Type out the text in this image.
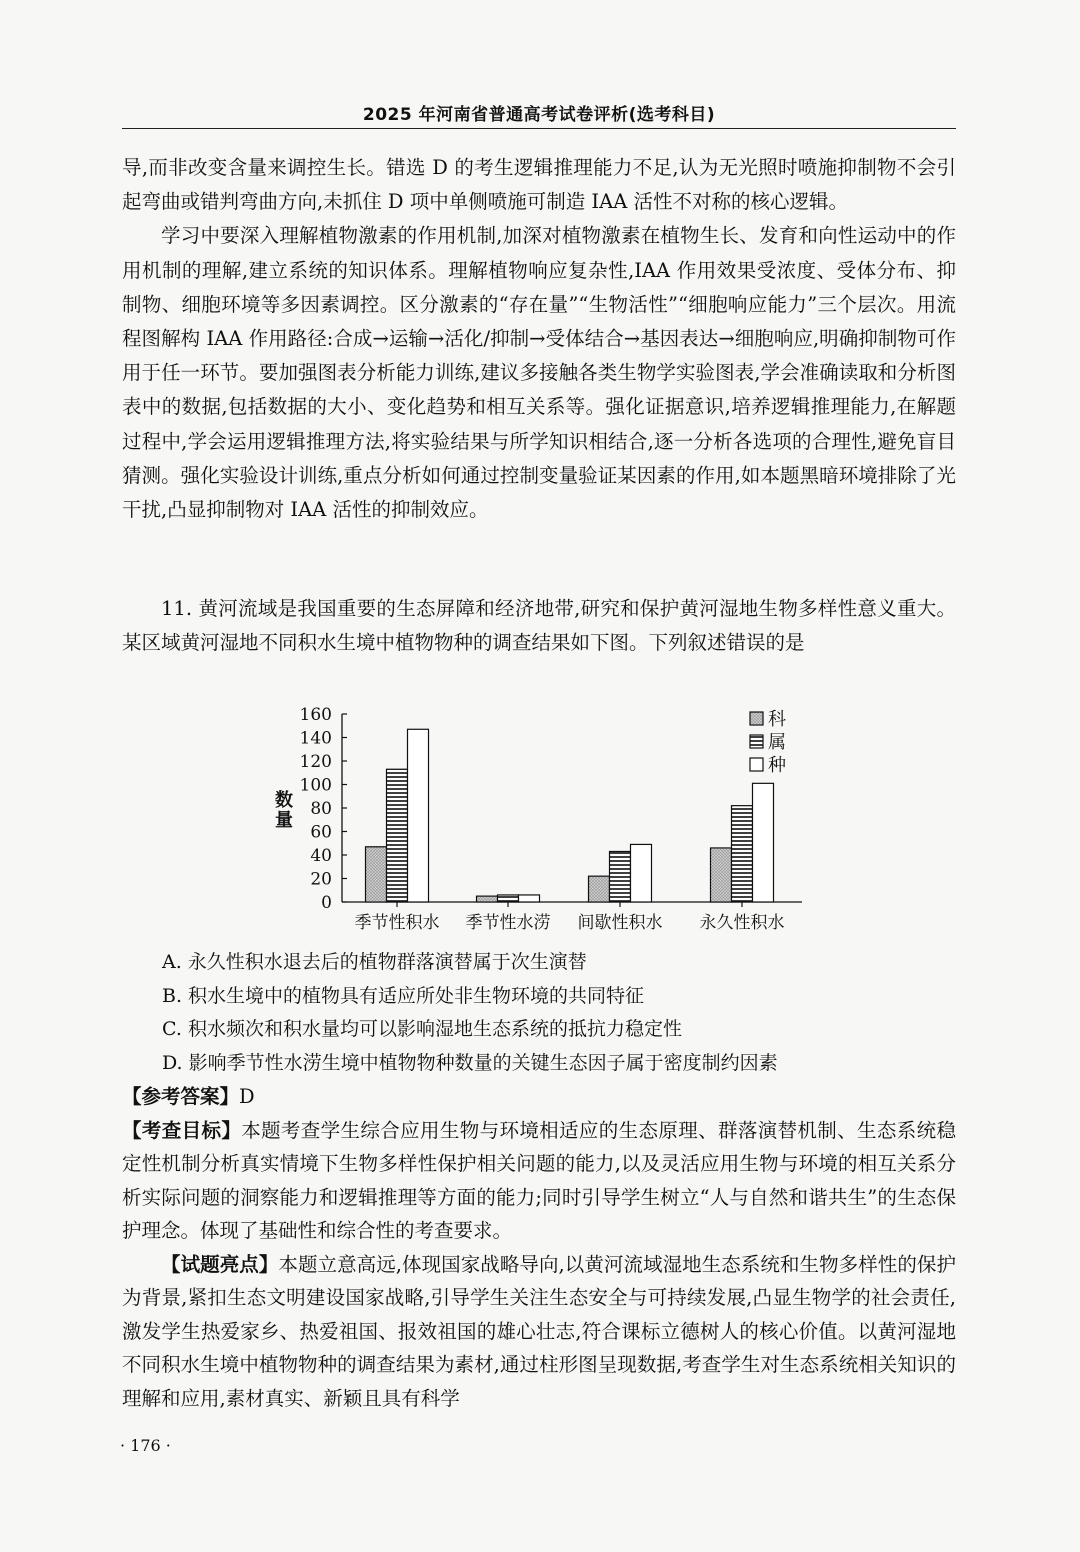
2025 年河南省普通高考试卷评析(选考科目)

导,而非改变含量来调控生长。错选 D 的考生逻辑推理能力不足,认为无光照时喷施抑制物不会引起弯曲或错判弯曲方向,未抓住 D 项中单侧喷施可制造 IAA 活性不对称的核心逻辑。

学习中要深入理解植物激素的作用机制,加深对植物激素在植物生长、发育和向性运动中的作用机制的理解,建立系统的知识体系。理解植物响应复杂性,IAA 作用效果受浓度、受体分布、抑制物、细胞环境等多因素调控。区分激素的“存在量”“生物活性”“细胞响应能力”三个层次。用流程图解构 IAA 作用路径:合成→运输→活化/抑制→受体结合→基因表达→细胞响应,明确抑制物可作用于任一环节。要加强图表分析能力训练,建议多接触各类生物学实验图表,学会准确读取和分析图表中的数据,包括数据的大小、变化趋势和相互关系等。强化证据意识,培养逻辑推理能力,在解题过程中,学会运用逻辑推理方法,将实验结果与所学知识相结合,逐一分析各选项的合理性,避免盲目猜测。强化实验设计训练,重点分析如何通过控制变量验证某因素的作用,如本题黑暗环境排除了光干扰,凸显抑制物对 IAA 活性的抑制效应。

11. 黄河流域是我国重要的生态屏障和经济地带,研究和保护黄河湿地生物多样性意义重大。某区域黄河湿地不同积水生境中植物物种的调查结果如下图。下列叙述错误的是

0
20
40
60
80
100
120
140
160
数
量
季节性积水 季节性水涝 间歇性积水 永久性积水
科
属
种
A. 永久性积水退去后的植物群落演替属于次生演替
B. 积水生境中的植物具有适应所处非生物环境的共同特征
C. 积水频次和积水量均可以影响湿地生态系统的抵抗力稳定性
D. 影响季节性水涝生境中植物物种数量的关键生态因子属于密度制约因素

【参考答案】D

【考查目标】本题考查学生综合应用生物与环境相适应的生态原理、群落演替机制、生态系统稳定性机制分析真实情境下生物多样性保护相关问题的能力,以及灵活应用生物与环境的相互关系分析实际问题的洞察能力和逻辑推理等方面的能力;同时引导学生树立“人与自然和谐共生”的生态保护理念。体现了基础性和综合性的考查要求。

【试题亮点】本题立意高远,体现国家战略导向,以黄河流域湿地生态系统和生物多样性的保护为背景,紧扣生态文明建设国家战略,引导学生关注生态安全与可持续发展,凸显生物学的社会责任,激发学生热爱家乡、热爱祖国、报效祖国的雄心壮志,符合课标立德树人的核心价值。以黄河湿地不同积水生境中植物物种的调查结果为素材,通过柱形图呈现数据,考查学生对生态系统相关知识的理解和应用,素材真实、新颖且具有科学

· 176 ·
